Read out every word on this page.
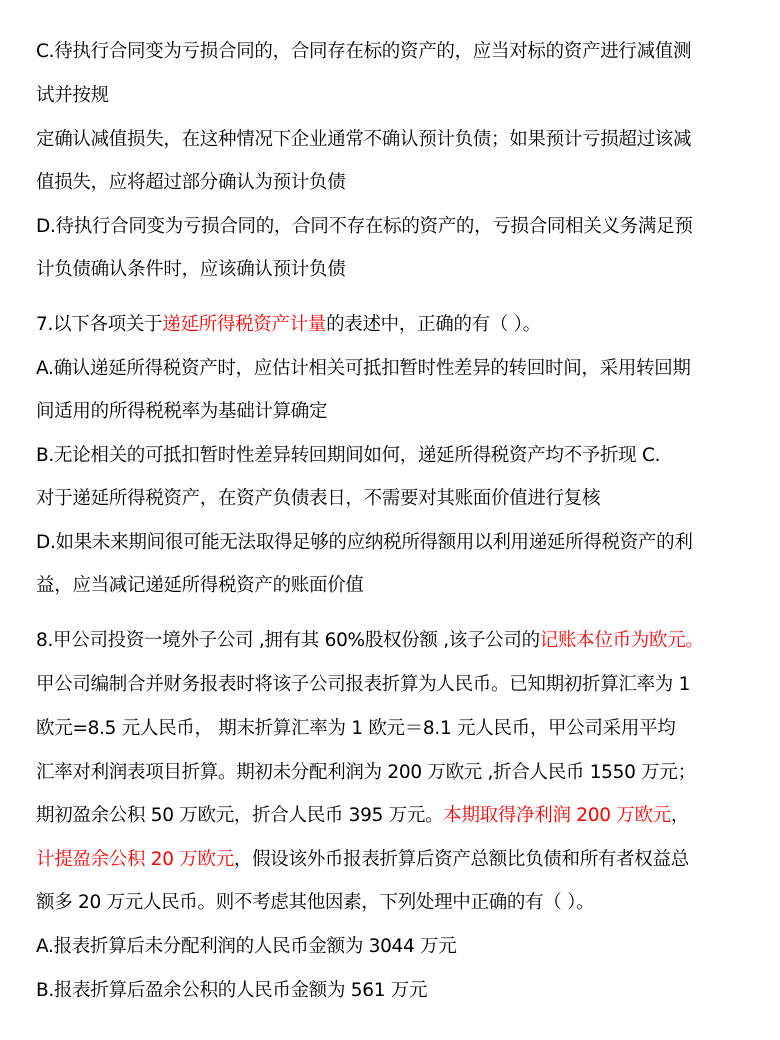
C.待执行合同变为亏损合同的，合同存在标的资产的，应当对标的资产进行减值测
试并按规
定确认减值损失，在这种情况下企业通常不确认预计负债；如果预计亏损超过该减
值损失，应将超过部分确认为预计负债
D.待执行合同变为亏损合同的，合同不存在标的资产的，亏损合同相关义务满足预
计负债确认条件时，应该确认预计负债
7.以下各项关于递延所得税资产计量的表述中，正确的有（ ）。
A.确认递延所得税资产时，应估计相关可抵扣暂时性差异的转回时间，采用转回期
间适用的所得税税率为基础计算确定
B.无论相关的可抵扣暂时性差异转回期间如何，递延所得税资产均不予折现 C.
对于递延所得税资产，在资产负债表日，不需要对其账面价值进行复核
D.如果未来期间很可能无法取得足够的应纳税所得额用以利用递延所得税资产的利
益，应当减记递延所得税资产的账面价值
8.甲公司投资一境外子公司 ,拥有其 60%股权份额 ,该子公司的记账本位币为欧元。
甲公司编制合并财务报表时将该子公司报表折算为人民币。已知期初折算汇率为 1
欧元=8.5 元人民币， 期末折算汇率为 1 欧元＝8.1 元人民币，甲公司采用平均
汇率对利润表项目折算。期初未分配利润为 200 万欧元 ,折合人民币 1550 万元；
期初盈余公积 50 万欧元，折合人民币 395 万元。本期取得净利润 200 万欧元，
计提盈余公积 20 万欧元，假设该外币报表折算后资产总额比负债和所有者权益总
额多 20 万元人民币。则不考虑其他因素，下列处理中正确的有（ ）。
A.报表折算后未分配利润的人民币金额为 3044 万元
B.报表折算后盈余公积的人民币金额为 561 万元
